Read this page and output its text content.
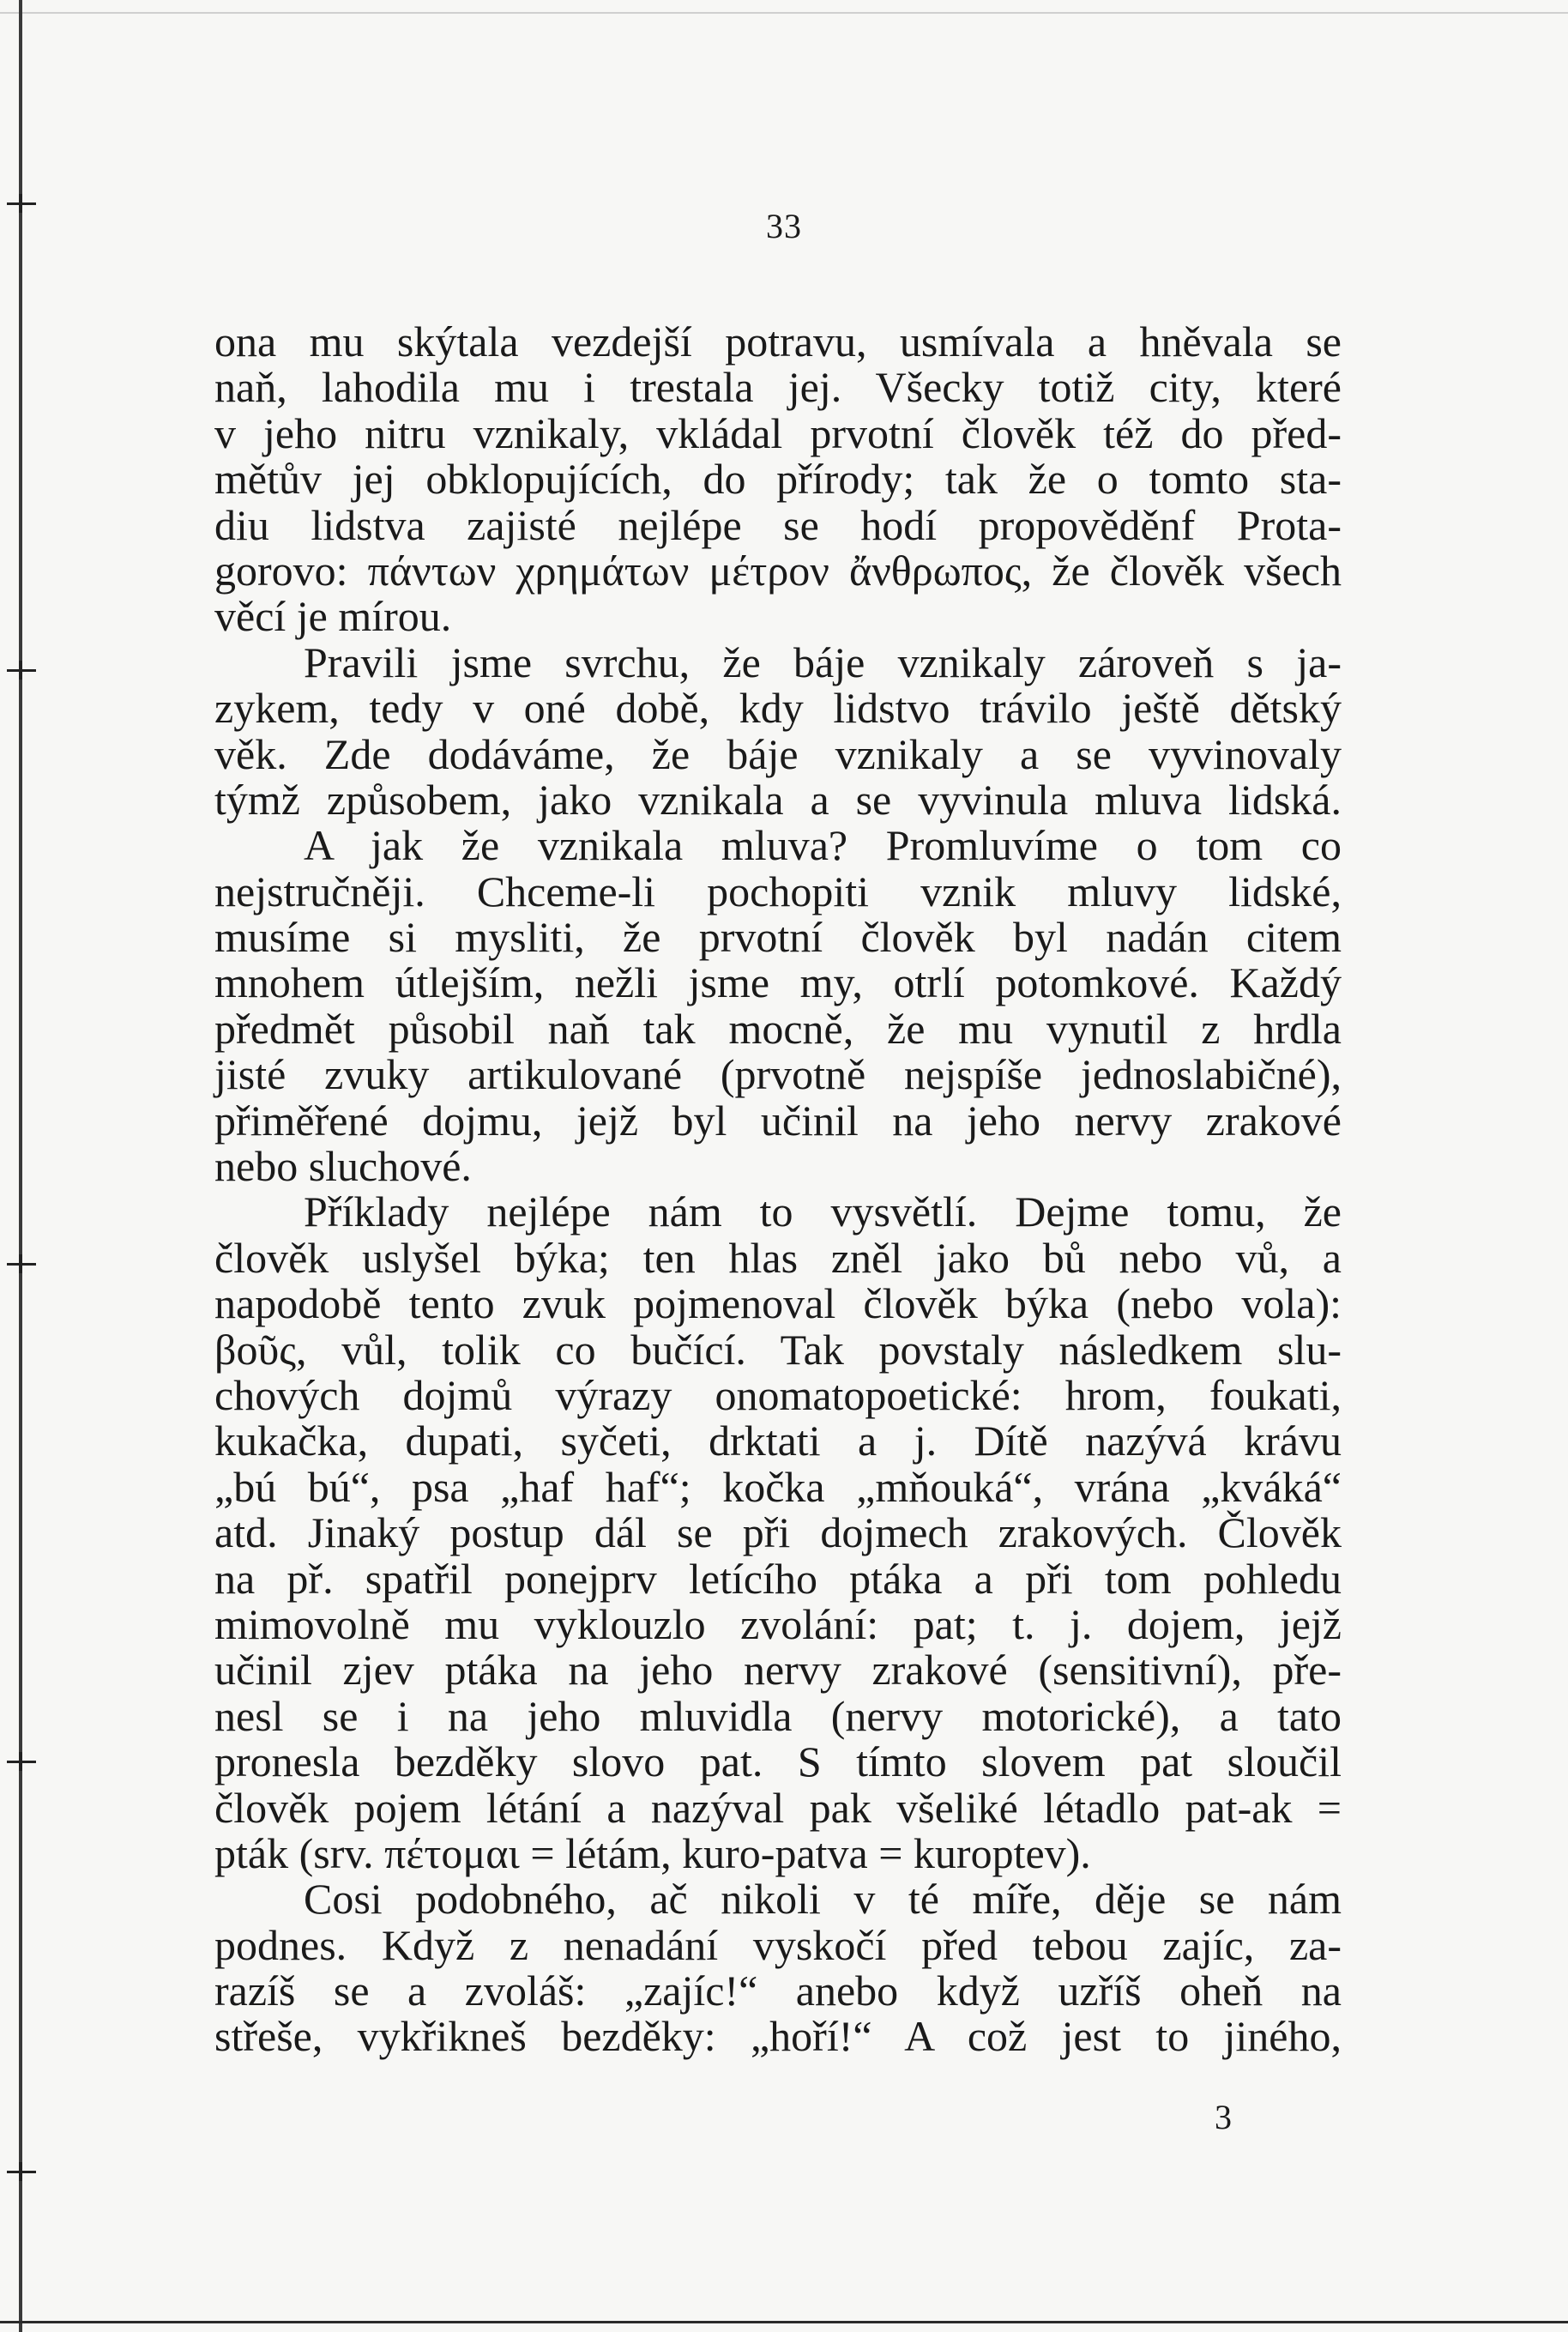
33
ona mu skýtala vezdejší potravu, usmívala a hněvala se
naň, lahodila mu i trestala jej. Všecky totiž city, které
v jeho nitru vznikaly, vkládal prvotní člověk též do před-
mětův jej obklopujících, do přírody; tak že o tomto sta-
diu lidstva zajisté nejlépe se hodí propověděnf Prota-
gorovo: πάντων χρημάτων μέτρον ἄνθρωπος, že člověk všech
věcí je mírou.
Pravili jsme svrchu, že báje vznikaly zároveň s ja-
zykem, tedy v oné době, kdy lidstvo trávilo ještě dětský
věk. Zde dodáváme, že báje vznikaly a se vyvinovaly
týmž způsobem, jako vznikala a se vyvinula mluva lidská.
A jak že vznikala mluva? Promluvíme o tom co
nejstručněji. Chceme-li pochopiti vznik mluvy lidské,
musíme si mysliti, že prvotní člověk byl nadán citem
mnohem útlejším, nežli jsme my, otrlí potomkové. Každý
předmět působil naň tak mocně, že mu vynutil z hrdla
jisté zvuky artikulované (prvotně nejspíše jednoslabičné),
přiměřené dojmu, jejž byl učinil na jeho nervy zrakové
nebo sluchové.
Příklady nejlépe nám to vysvětlí. Dejme tomu, že
člověk uslyšel býka; ten hlas zněl jako bů nebo vů, a
napodobě tento zvuk pojmenoval člověk býka (nebo vola):
βοῦς, vůl, tolik co bučící. Tak povstaly následkem slu-
chových dojmů výrazy onomatopoetické: hrom, foukati,
kukačka, dupati, syčeti, drktati a j. Dítě nazývá krávu
„bú bú“, psa „haf haf“; kočka „mňouká“, vrána „kváká“
atd. Jinaký postup dál se při dojmech zrakových. Člověk
na př. spatřil ponejprv letícího ptáka a při tom pohledu
mimovolně mu vyklouzlo zvolání: pat; t. j. dojem, jejž
učinil zjev ptáka na jeho nervy zrakové (sensitivní), pře-
nesl se i na jeho mluvidla (nervy motorické), a tato
pronesla bezděky slovo pat. S tímto slovem pat sloučil
člověk pojem létání a nazýval pak všeliké létadlo pat-ak =
pták (srv. πέτομαι = létám, kuro-patva = kuroptev).
Cosi podobného, ač nikoli v té míře, děje se nám
podnes. Když z nenadání vyskočí před tebou zajíc, za-
razíš se a zvoláš: „zajíc!“ anebo když uzříš oheň na
střeše, vykřikneš bezděky: „hoří!“ A což jest to jiného,
3
